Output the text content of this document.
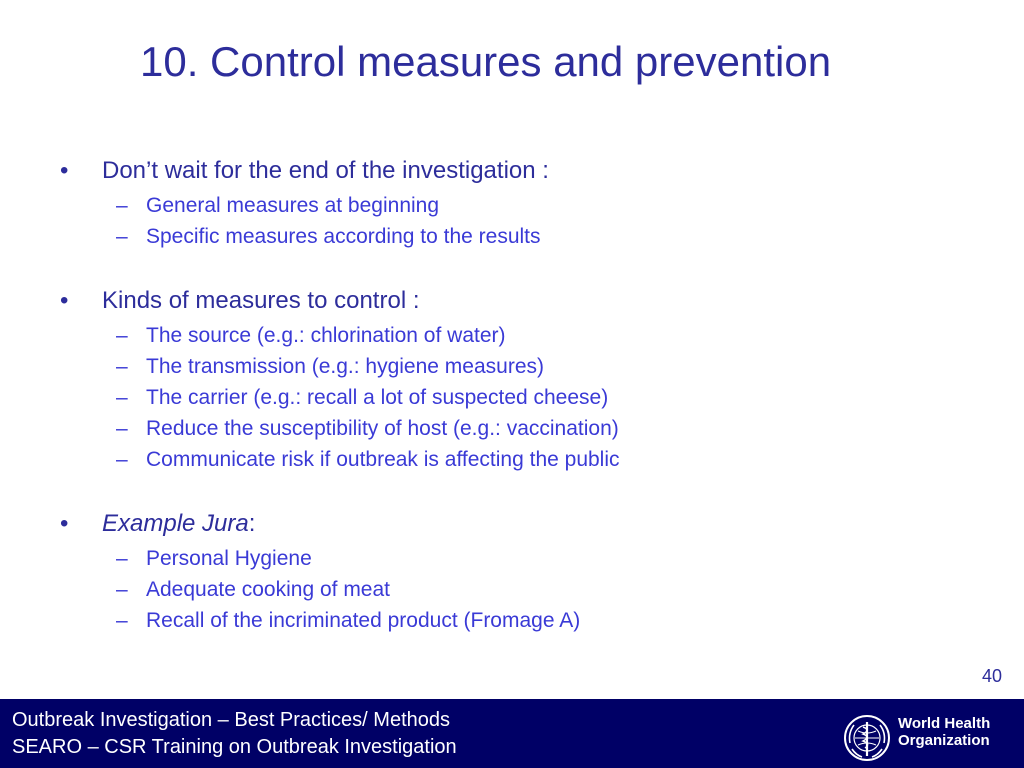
10. Control measures and prevention
•	Don’t wait for the end of the investigation :
– General measures at beginning
– Specific measures according to the results
•	Kinds of measures to control :
– The source (e.g.: chlorination of water)
– The transmission (e.g.: hygiene measures)
– The carrier (e.g.: recall a lot of suspected cheese)
– Reduce the susceptibility of host (e.g.: vaccination)
– Communicate risk if outbreak is affecting the public
•	Example Jura:
– Personal Hygiene
– Adequate cooking of meat
– Recall of the incriminated product (Fromage A)
40
Outbreak Investigation – Best Practices/ Methods
SEARO – CSR Training on Outbreak Investigation
World Health
Organization
